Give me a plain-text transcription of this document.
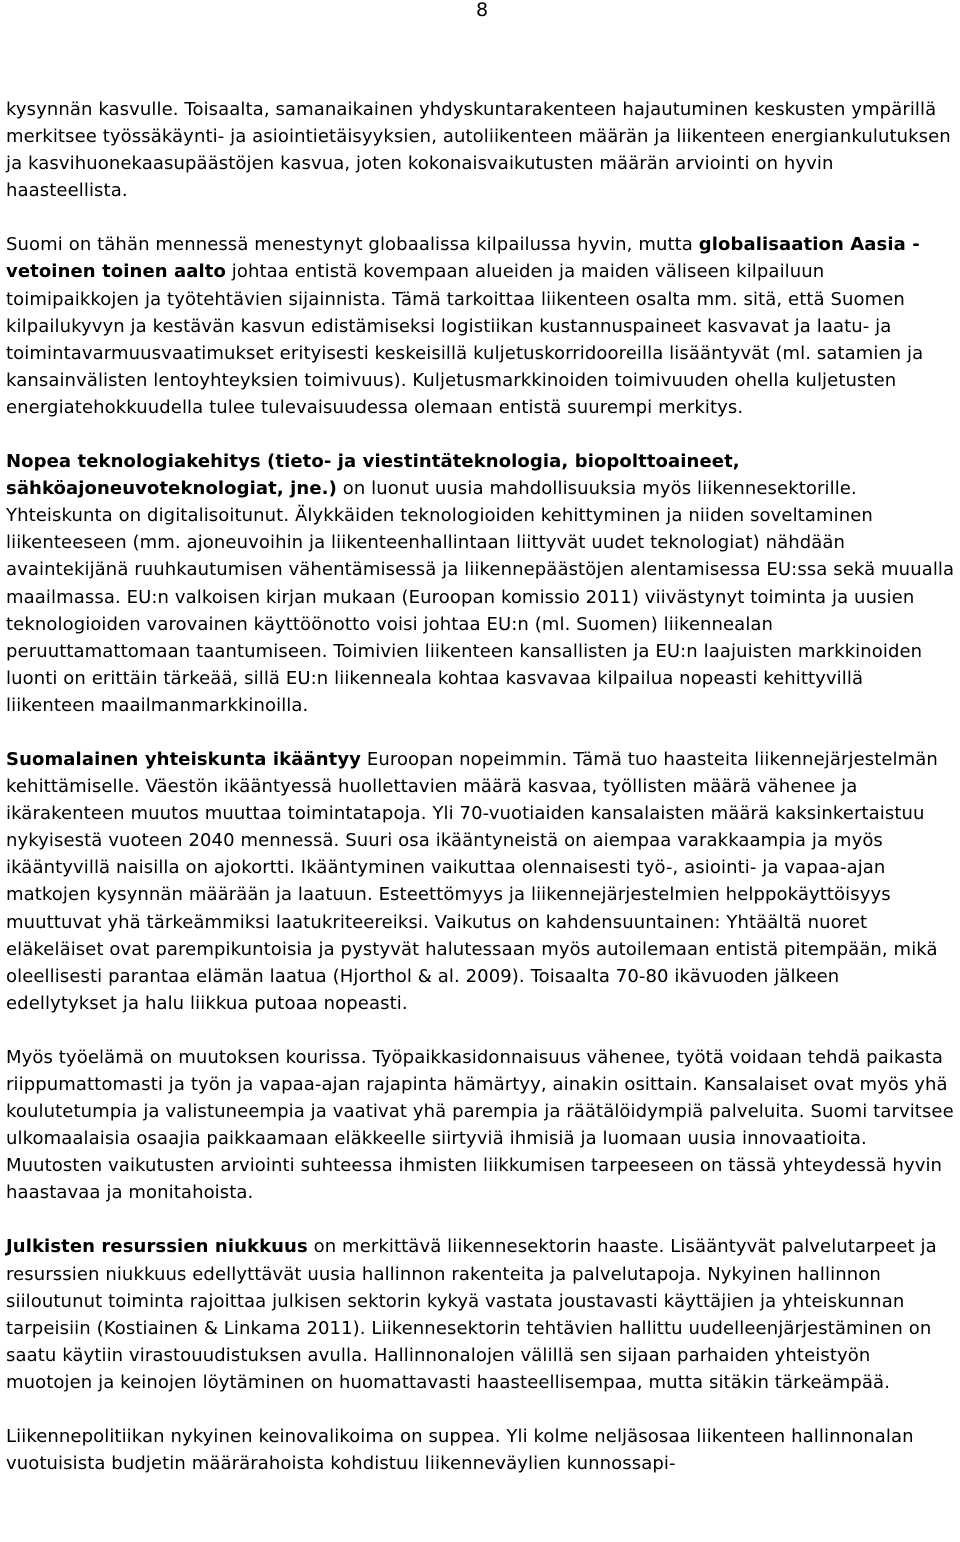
8

kysynnän kasvulle. Toisaalta, samanaikainen yhdyskuntarakenteen hajautuminen keskusten ympärillä merkitsee työssäkäynti- ja asiointietäisyyksien, autoliikenteen määrän ja liikenteen energiankulutuksen ja kasvihuonekaasupäästöjen kasvua, joten kokonaisvaikutusten määrän arviointi on hyvin haasteellista.

Suomi on tähän mennessä menestynyt globaalissa kilpailussa hyvin, mutta globalisaation Aasia -vetoinen toinen aalto johtaa entistä kovempaan alueiden ja maiden väliseen kilpailuun toimipaikkojen ja työtehtävien sijainnista. Tämä tarkoittaa liikenteen osalta mm. sitä, että Suomen kilpailukyvyn ja kestävän kasvun edistämiseksi logistiikan kustannuspaineet kasvavat ja laatu- ja toimintavarmuusvaatimukset erityisesti keskeisillä kuljetuskorridooreilla lisääntyvät (ml. satamien ja kansainvälisten lentoyhteyksien toimivuus). Kuljetusmarkkinoiden toimivuuden ohella kuljetusten energiatehokkuudella tulee tulevaisuudessa olemaan entistä suurempi merkitys.

Nopea teknologiakehitys (tieto- ja viestintäteknologia, biopolttoaineet, sähköajoneuvoteknologiat, jne.) on luonut uusia mahdollisuuksia myös liikennesektorille. Yhteiskunta on digitalisoitunut. Älykkäiden teknologioiden kehittyminen ja niiden soveltaminen liikenteeseen (mm. ajoneuvoihin ja liikenteenhallintaan liittyvät uudet teknologiat) nähdään avaintekijänä ruuhkautumisen vähentämisessä ja liikennepäästöjen alentamisessa EU:ssa sekä muualla maailmassa. EU:n valkoisen kirjan mukaan (Euroopan komissio 2011) viivästynyt toiminta ja uusien teknologioiden varovainen käyttöönotto voisi johtaa EU:n (ml. Suomen) liikennealan peruuttamattomaan taantumiseen. Toimivien liikenteen kansallisten ja EU:n laajuisten markkinoiden luonti on erittäin tärkeää, sillä EU:n liikenneala kohtaa kasvavaa kilpailua nopeasti kehittyvillä liikenteen maailmanmarkkinoilla.

Suomalainen yhteiskunta ikääntyy Euroopan nopeimmin. Tämä tuo haasteita liikennejärjestelmän kehittämiselle. Väestön ikääntyessä huollettavien määrä kasvaa, työllisten määrä vähenee ja ikärakenteen muutos muuttaa toimintatapoja. Yli 70-vuotiaiden kansalaisten määrä kaksinkertaistuu nykyisestä vuoteen 2040 mennessä. Suuri osa ikääntyneistä on aiempaa varakkaampia ja myös ikääntyvillä naisilla on ajokortti. Ikääntyminen vaikuttaa olennaisesti työ-, asiointi- ja vapaa-ajan matkojen kysynnän määrään ja laatuun. Esteettömyys ja liikennejärjestelmien helppokäyttöisyys muuttuvat yhä tärkeämmiksi laatukriteereiksi. Vaikutus on kahdensuuntainen: Yhtäältä nuoret eläkeläiset ovat parempikuntoisia ja pystyvät halutessaan myös autoilemaan entistä pitempään, mikä oleellisesti parantaa elämän laatua (Hjorthol & al. 2009). Toisaalta 70-80 ikävuoden jälkeen edellytykset ja halu liikkua putoaa nopeasti.

Myös työelämä on muutoksen kourissa. Työpaikkasidonnaisuus vähenee, työtä voidaan tehdä paikasta riippumattomasti ja työn ja vapaa-ajan rajapinta hämärtyy, ainakin osittain. Kansalaiset ovat myös yhä koulutetumpia ja valistuneempia ja vaativat yhä parempia ja räätälöidympiä palveluita. Suomi tarvitsee ulkomaalaisia osaajia paikkaamaan eläkkeelle siirtyviä ihmisiä ja luomaan uusia innovaatioita. Muutosten vaikutusten arviointi suhteessa ihmisten liikkumisen tarpeeseen on tässä yhteydessä hyvin haastavaa ja monitahoista.

Julkisten resurssien niukkuus on merkittävä liikennesektorin haaste. Lisääntyvät palvelutarpeet ja resurssien niukkuus edellyttävät uusia hallinnon rakenteita ja palvelutapoja. Nykyinen hallinnon siiloutunut toiminta rajoittaa julkisen sektorin kykyä vastata joustavasti käyttäjien ja yhteiskunnan tarpeisiin (Kostiainen & Linkama 2011). Liikennesektorin tehtävien hallittu uudelleenjärjestäminen on saatu käytiin virastouudistuksen avulla. Hallinnonalojen välillä sen sijaan parhaiden yhteistyön muotojen ja keinojen löytäminen on huomattavasti haasteellisempaa, mutta sitäkin tärkeämpää.

Liikennepolitiikan nykyinen keinovalikoima on suppea. Yli kolme neljäsosaa liikenteen hallinnonalan vuotuisista budjetin määrärahoista kohdistuu liikenneväylien kunnossapi-
